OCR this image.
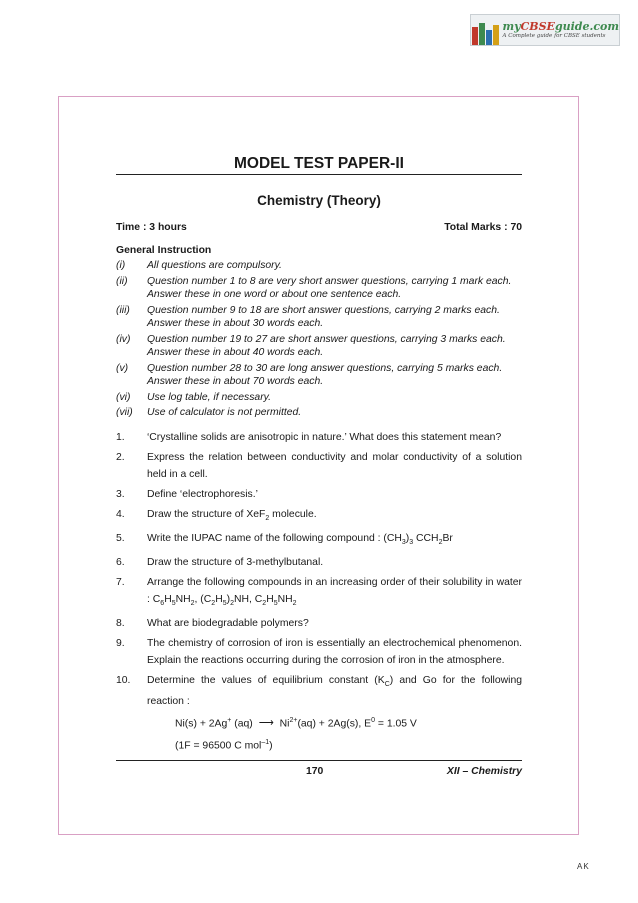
myCBSEguide.com
A Complete guide for CBSE students
MODEL TEST PAPER-II
Chemistry (Theory)
Time : 3 hours	Total Marks : 70
General Instruction
(i)	All questions are compulsory.
(ii)	Question number 1 to 8 are very short answer questions, carrying 1 mark each. Answer these in one word or about one sentence each.
(iii)	Question number 9 to 18 are short answer questions, carrying 2 marks each. Answer these in about 30 words each.
(iv)	Question number 19 to 27 are short answer questions, carrying 3 marks each. Answer these in about 40 words each.
(v)	Question number 28 to 30 are long answer questions, carrying 5 marks each. Answer these in about 70 words each.
(vi)	Use log table, if necessary.
(vii)	Use of calculator is not permitted.
1.	‘Crystalline solids are anisotropic in nature.’ What does this statement mean?
2.	Express the relation between conductivity and molar conductivity of a solution held in a cell.
3.	Define ‘electrophoresis.’
4.	Draw the structure of XeF$_2$ molecule.
5.	Write the IUPAC name of the following compound : $(CH_3)_3$ $CCH_2Br$
6.	Draw the structure of 3-methylbutanal.
7.	Arrange the following compounds in an increasing order of their solubility in water : $C_6H_5NH_2$, $(C_2H_5)_2NH$, $C_2H_5NH_2$
8.	What are biodegradable polymers?
9.	The chemistry of corrosion of iron is essentially an electrochemical phenomenon. Explain the reactions occurring during the corrosion of iron in the atmosphere.
10.	Determine the values of equilibrium constant $(K_C)$ and Go for the following reaction :
Ni(s) + 2Ag+ (aq) ⟶ $Ni^{2+}(aq) + 2Ag(s)$, $E^0 = 1.05$ V
(1F = 96500 C mol$^{-1}$)
170	XII – Chemistry
AK
